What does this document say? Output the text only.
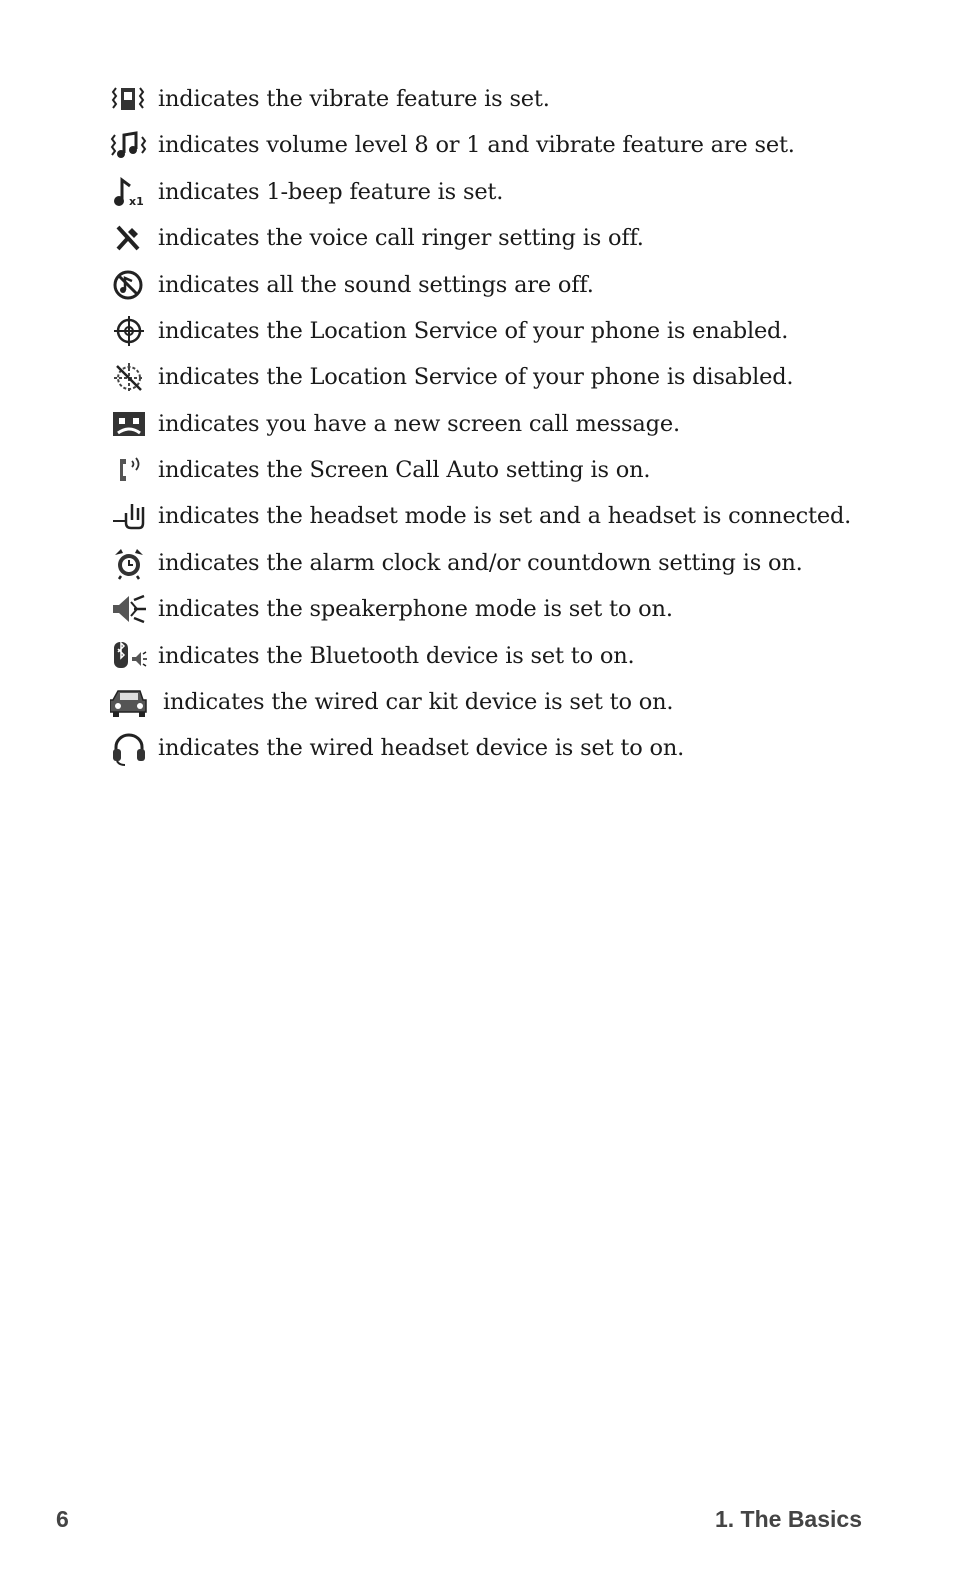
indicates the vibrate feature is set.
indicates volume level 8 or 1 and vibrate feature are set.
x1 indicates 1-beep feature is set.
indicates the voice call ringer setting is off.
indicates all the sound settings are off.
indicates the Location Service of your phone is enabled.
indicates the Location Service of your phone is disabled.
indicates you have a new screen call message.
indicates the Screen Call Auto setting is on.
indicates the headset mode is set and a headset is connected.
indicates the alarm clock and/or countdown setting is on.
indicates the speakerphone mode is set to on.
indicates the Bluetooth device is set to on.
indicates the wired car kit device is set to on.
indicates the wired headset device is set to on.
6	1. The Basics
